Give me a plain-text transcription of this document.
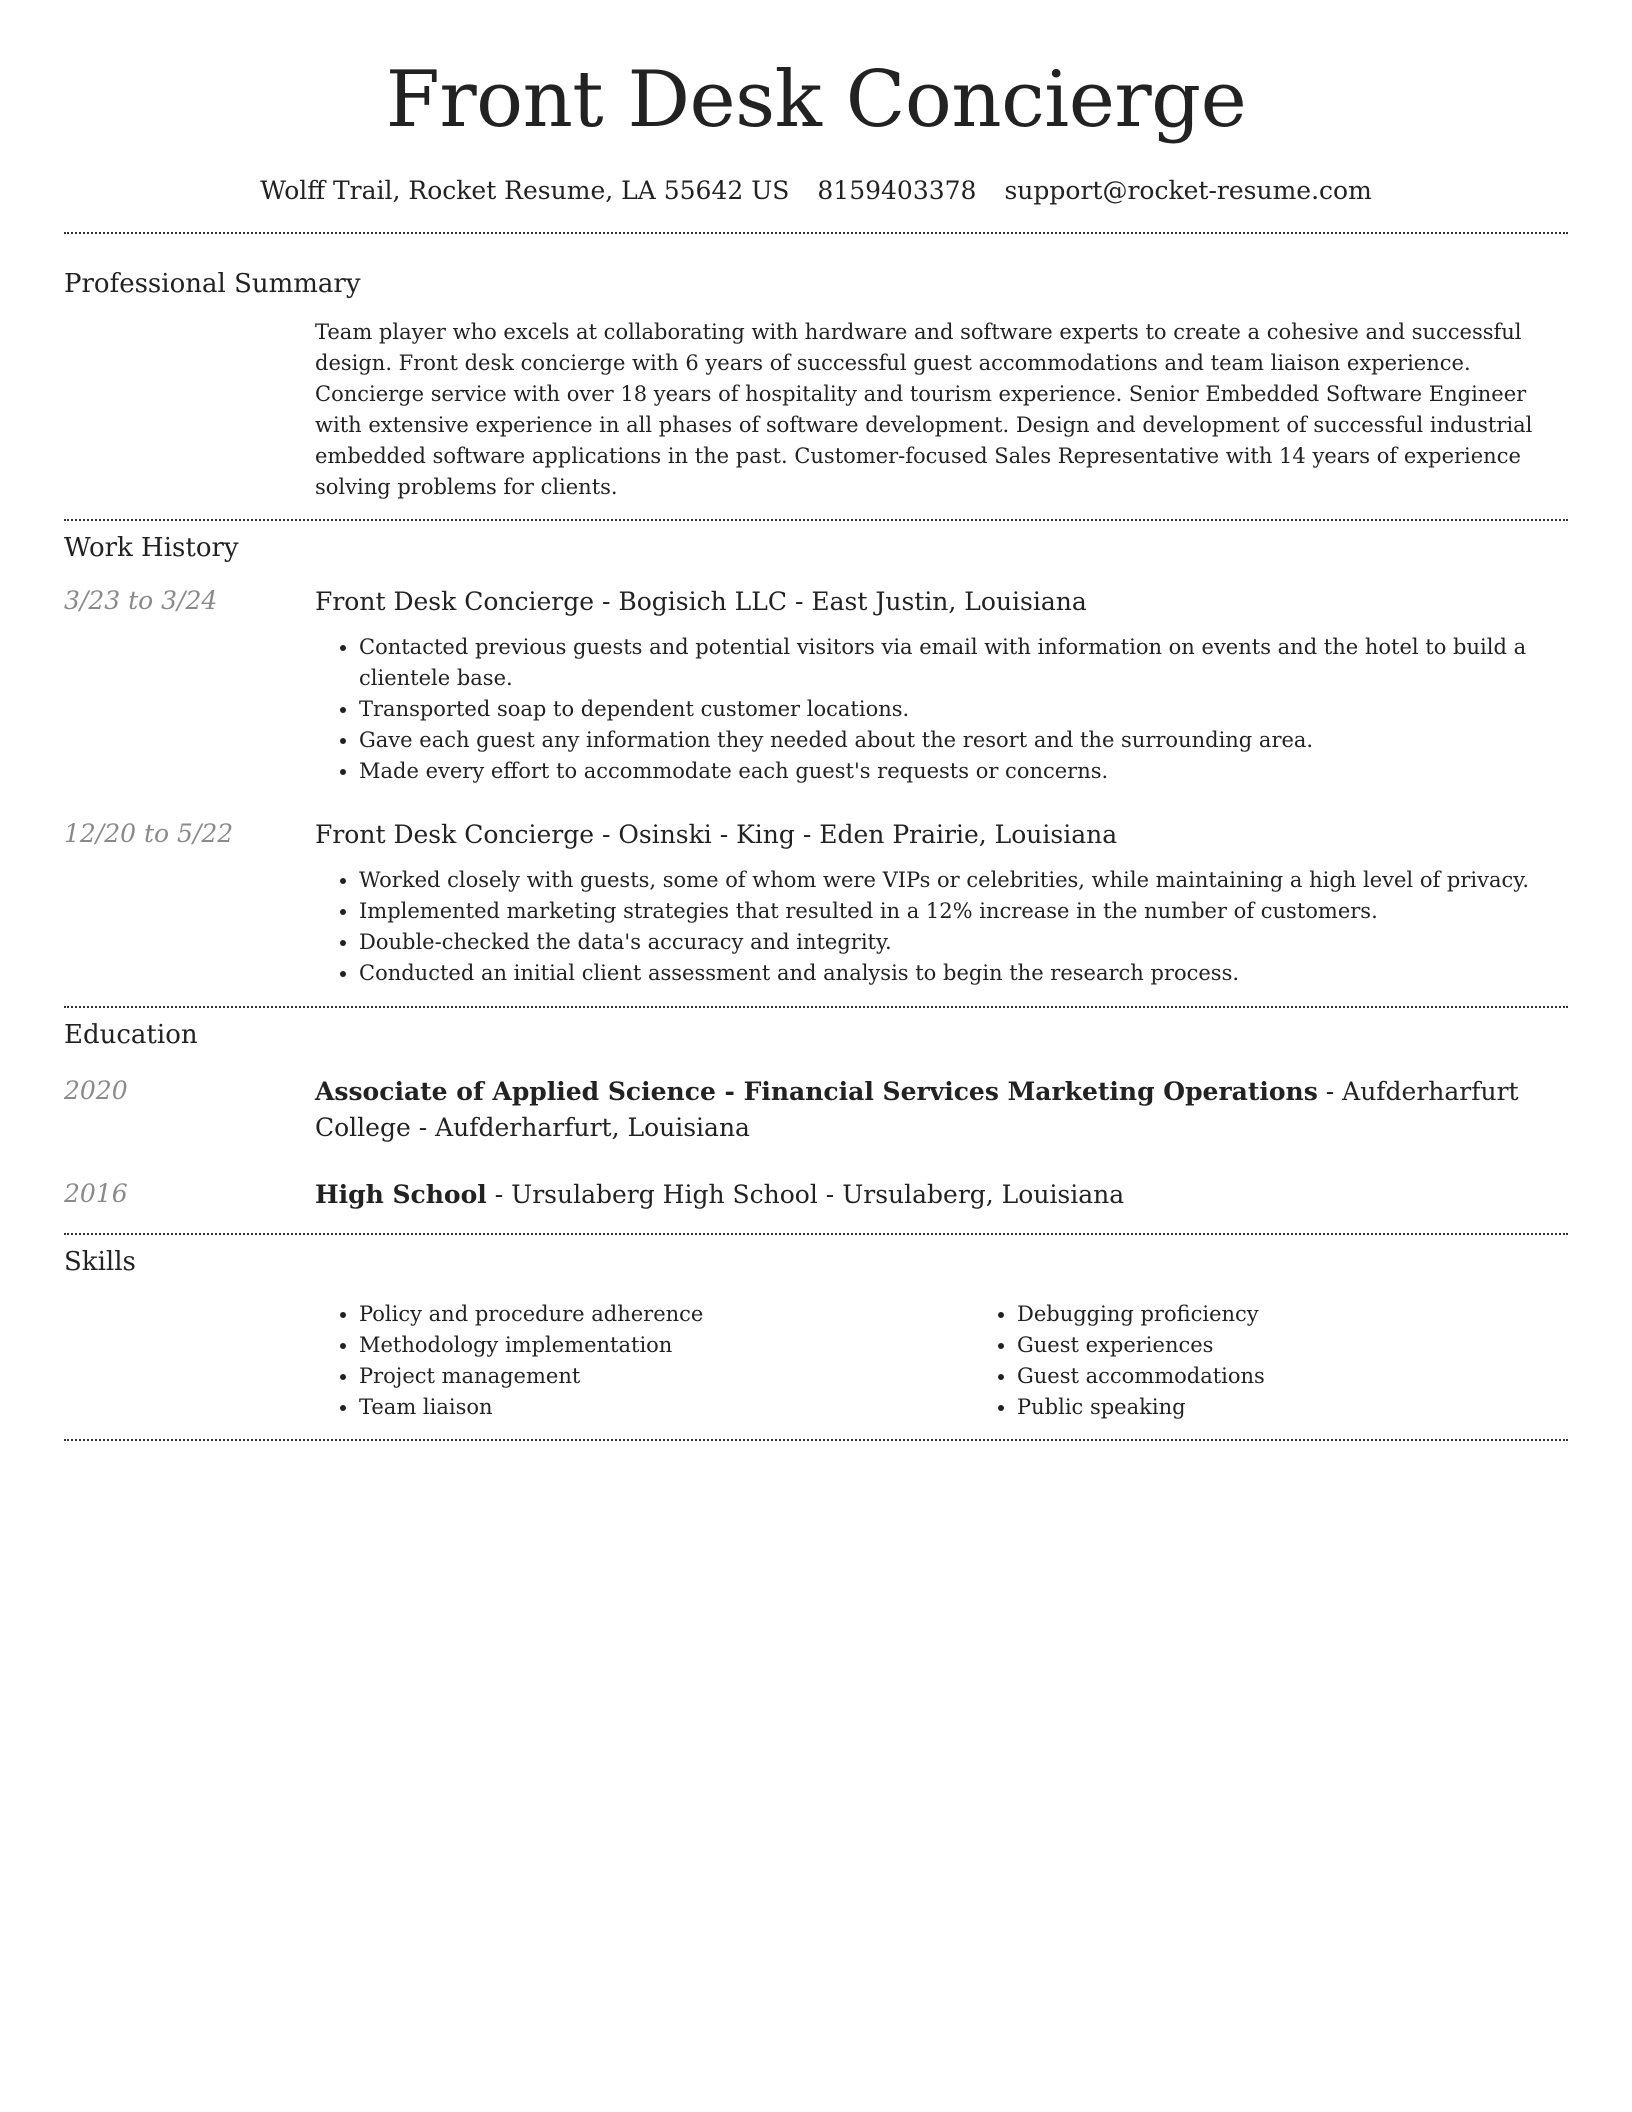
Front Desk Concierge
Wolff Trail, Rocket Resume, LA 55642 US 8159403378 support@rocket-resume.com
Professional Summary

Team player who excels at collaborating with hardware and software experts to create a cohesive and successful design. Front desk concierge with 6 years of successful guest accommodations and team liaison experience. Concierge service with over 18 years of hospitality and tourism experience. Senior Embedded Software Engineer with extensive experience in all phases of software development. Design and development of successful industrial embedded software applications in the past. Customer-focused Sales Representative with 14 years of experience solving problems for clients.

Work History
3/23 to 3/24	Front Desk Concierge - Bogisich LLC - East Justin, Louisiana
• Contacted previous guests and potential visitors via email with information on events and the hotel to build a clientele base.
• Transported soap to dependent customer locations.
• Gave each guest any information they needed about the resort and the surrounding area.
• Made every effort to accommodate each guest's requests or concerns.
12/20 to 5/22	Front Desk Concierge - Osinski - King - Eden Prairie, Louisiana
• Worked closely with guests, some of whom were VIPs or celebrities, while maintaining a high level of privacy.
• Implemented marketing strategies that resulted in a 12% increase in the number of customers.
• Double-checked the data's accuracy and integrity.
• Conducted an initial client assessment and analysis to begin the research process.
Education
2020	Associate of Applied Science - Financial Services Marketing Operations - Aufderharfurt College - Aufderharfurt, Louisiana
2016	High School - Ursulaberg High School - Ursulaberg, Louisiana
Skills
• Policy and procedure adherence
• Methodology implementation
• Project management
• Team liaison
• Debugging proficiency
• Guest experiences
• Guest accommodations
• Public speaking
